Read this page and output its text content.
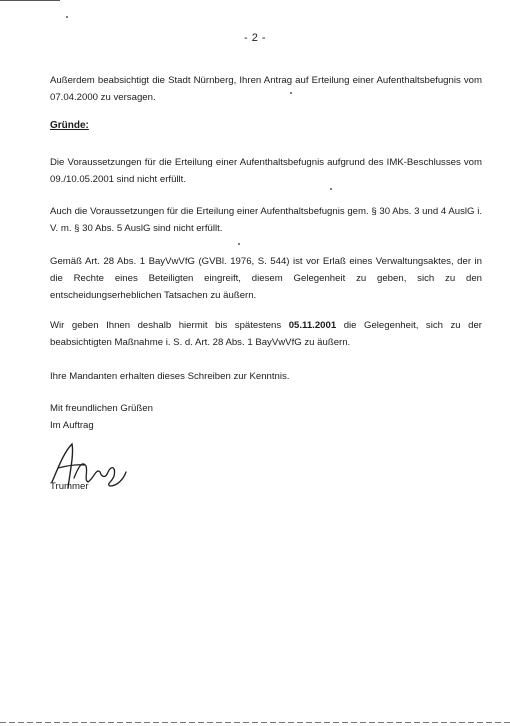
- 2 -

Außerdem beabsichtigt die Stadt Nürnberg, Ihren Antrag auf Erteilung einer Aufenthaltsbefugnis vom 07.04.2000 zu versagen.

Gründe:

Die Voraussetzungen für die Erteilung einer Aufenthaltsbefugnis aufgrund des IMK-Beschlusses vom 09./10.05.2001 sind nicht erfüllt.

Auch die Voraussetzungen für die Erteilung einer Aufenthaltsbefugnis gem. § 30 Abs. 3 und 4 AuslG i. V. m. § 30 Abs. 5 AuslG sind nicht erfüllt.

Gemäß Art. 28 Abs. 1 BayVwVfG (GVBl. 1976, S. 544) ist vor Erlaß eines Verwaltungsaktes, der in die Rechte eines Beteiligten eingreift, diesem Gelegenheit zu geben, sich zu den entscheidungserheblichen Tatsachen zu äußern.

Wir geben Ihnen deshalb hiermit bis spätestens 05.11.2001 die Gelegenheit, sich zu der beabsichtigten Maßnahme i. S. d. Art. 28 Abs. 1 BayVwVfG zu äußern.

Ihre Mandanten erhalten dieses Schreiben zur Kenntnis.

Mit freundlichen Grüßen
Im Auftrag
Trummer
